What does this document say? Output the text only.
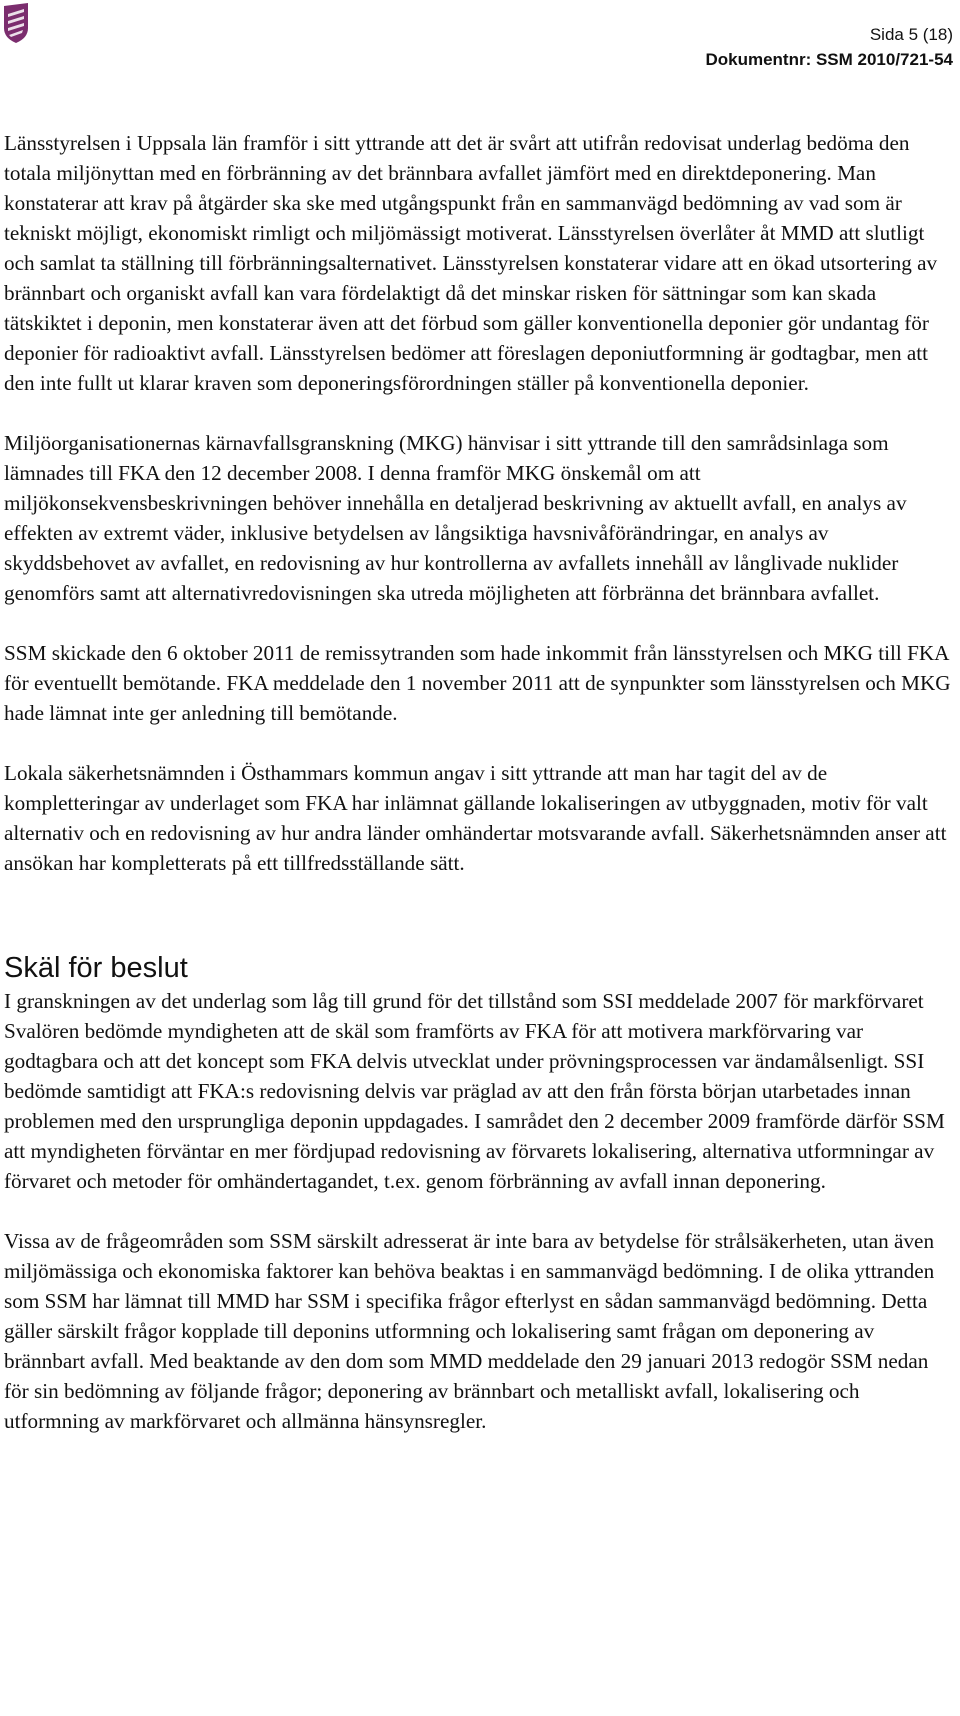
Sida 5 (18)
Dokumentnr: SSM 2010/721-54

Länsstyrelsen i Uppsala län framför i sitt yttrande att det är svårt att utifrån redovisat underlag bedöma den totala miljönyttan med en förbränning av det brännbara avfallet jämfört med en direktdeponering. Man konstaterar att krav på åtgärder ska ske med utgångspunkt från en sammanvägd bedömning av vad som är tekniskt möjligt, ekonomiskt rimligt och miljömässigt motiverat. Länsstyrelsen överlåter åt MMD att slutligt och samlat ta ställning till förbränningsalternativet. Länsstyrelsen konstaterar vidare att en ökad utsortering av brännbart och organiskt avfall kan vara fördelaktigt då det minskar risken för sättningar som kan skada tätskiktet i deponin, men konstaterar även att det förbud som gäller konventionella deponier gör undantag för deponier för radioaktivt avfall. Länsstyrelsen bedömer att föreslagen deponiutformning är godtagbar, men att den inte fullt ut klarar kraven som deponeringsförordningen ställer på konventionella deponier.

Miljöorganisationernas kärnavfallsgranskning (MKG) hänvisar i sitt yttrande till den samrådsinlaga som lämnades till FKA den 12 december 2008. I denna framför MKG önskemål om att miljökonsekvensbeskrivningen behöver innehålla en detaljerad beskrivning av aktuellt avfall, en analys av effekten av extremt väder, inklusive betydelsen av långsiktiga havsnivåförändringar, en analys av skyddsbehovet av avfallet, en redovisning av hur kontrollerna av avfallets innehåll av långlivade nuklider genomförs samt att alternativredovisningen ska utreda möjligheten att förbränna det brännbara avfallet.

SSM skickade den 6 oktober 2011 de remissytranden som hade inkommit från länsstyrelsen och MKG till FKA för eventuellt bemötande. FKA meddelade den 1 november 2011 att de synpunkter som länsstyrelsen och MKG hade lämnat inte ger anledning till bemötande.

Lokala säkerhetsnämnden i Östhammars kommun angav i sitt yttrande att man har tagit del av de kompletteringar av underlaget som FKA har inlämnat gällande lokaliseringen av utbyggnaden, motiv för valt alternativ och en redovisning av hur andra länder omhändertar motsvarande avfall. Säkerhetsnämnden anser att ansökan har kompletterats på ett tillfredsställande sätt.

Skäl för beslut

I granskningen av det underlag som låg till grund för det tillstånd som SSI meddelade 2007 för markförvaret Svalören bedömde myndigheten att de skäl som framförts av FKA för att motivera markförvaring var godtagbara och att det koncept som FKA delvis utvecklat under prövningsprocessen var ändamålsenligt. SSI bedömde samtidigt att FKA:s redovisning delvis var präglad av att den från första början utarbetades innan problemen med den ursprungliga deponin uppdagades. I samrådet den 2 december 2009 framförde därför SSM att myndigheten förväntar en mer fördjupad redovisning av förvarets lokalisering, alternativa utformningar av förvaret och metoder för omhändertagandet, t.ex. genom förbränning av avfall innan deponering.

Vissa av de frågeområden som SSM särskilt adresserat är inte bara av betydelse för strålsäkerheten, utan även miljömässiga och ekonomiska faktorer kan behöva beaktas i en sammanvägd bedömning. I de olika yttranden som SSM har lämnat till MMD har SSM i specifika frågor efterlyst en sådan sammanvägd bedömning. Detta gäller särskilt frågor kopplade till deponins utformning och lokalisering samt frågan om deponering av brännbart avfall. Med beaktande av den dom som MMD meddelade den 29 januari 2013 redogör SSM nedan för sin bedömning av följande frågor; deponering av brännbart och metalliskt avfall, lokalisering och utformning av markförvaret och allmänna hänsynsregler.
